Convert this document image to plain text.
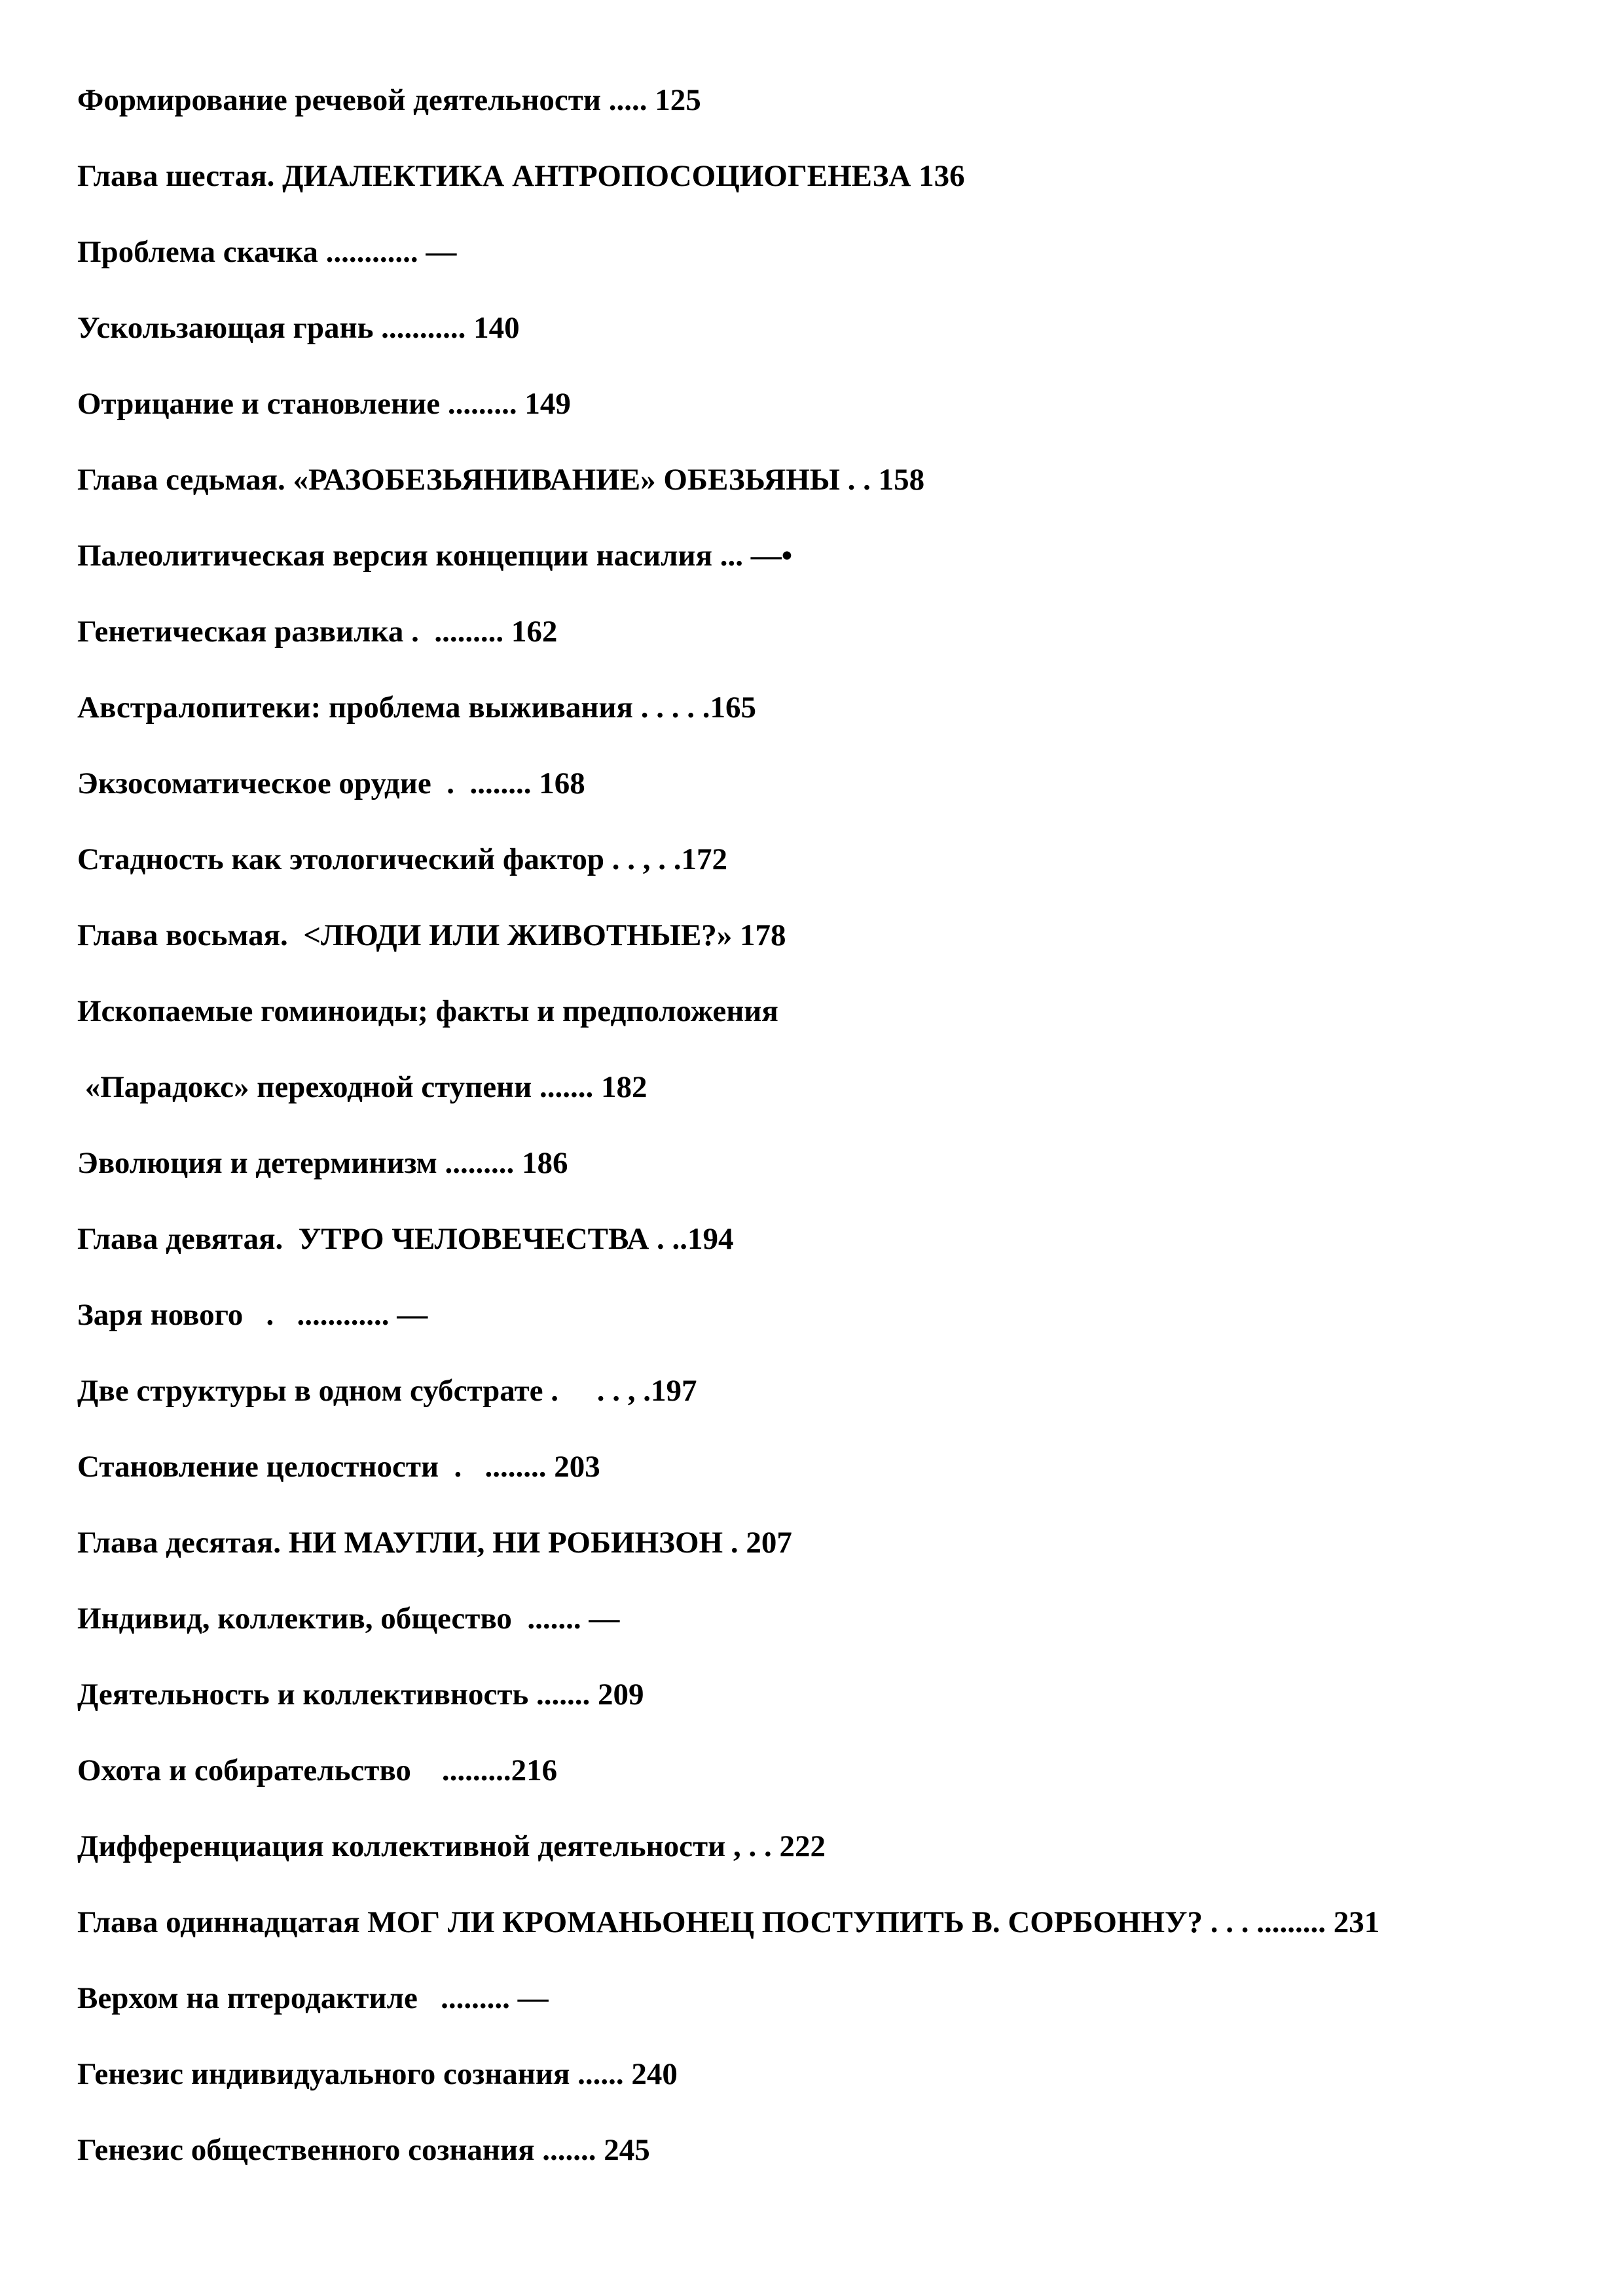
Формирование речевой деятельности ..... 125
Глава шестая. ДИАЛЕКТИКА АНТРОПОСОЦИОГЕНЕЗА 136
Проблема скачка ............ —
Ускользающая грань ........... 140
Отрицание и становление ......... 149
Глава седьмая. «РАЗОБЕЗЬЯНИВАНИЕ» ОБЕЗЬЯНЫ . . 158
Палеолитическая версия концепции насилия ... —•
Генетическая развилка .  ......... 162
Австралопитеки: проблема выживания . . . . .165
Экзосоматическое орудие  .  ........ 168
Стадность как этологический фактор . . , . .172
Глава восьмая.  <ЛЮДИ ИЛИ ЖИВОТНЫЕ?» 178
Ископаемые гоминоиды; факты и предположения
«Парадокс» переходной ступени ....... 182
Эволюция и детерминизм ......... 186
Глава девятая.  УТРО ЧЕЛОВЕЧЕСТВА . ..194
Заря нового   .   ............ —
Две структуры в одном субстрате .     . . , .197
Становление целостности  .   ........ 203
Глава десятая. НИ МАУГЛИ, НИ РОБИНЗОН . 207
Индивид, коллектив, общество  ....... —
Деятельность и коллективность ....... 209
Охота и собирательство    .........216
Дифференциация коллективной деятельности , . . 222
Глава одиннадцатая МОГ ЛИ КРОМАНЬОНЕЦ ПОСТУПИТЬ В. СОРБОННУ? . . . ......... 231
Верхом на птеродактиле   ......... —
Генезис индивидуального сознания ...... 240
Генезис общественного сознания ....... 245
